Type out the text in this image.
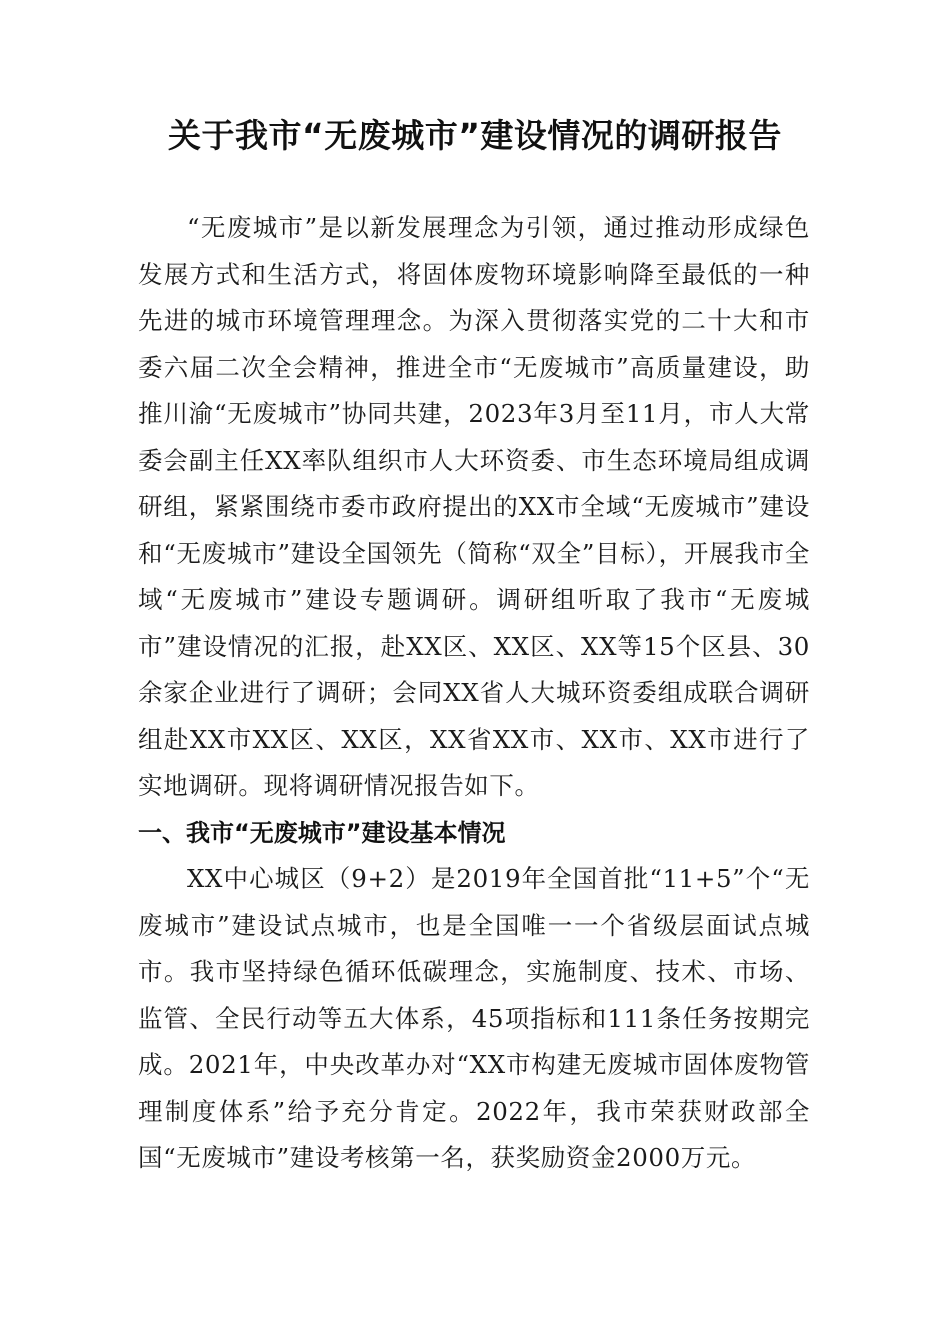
关于我市“无废城市”建设情况的调研报告

“无废城市”是以新发展理念为引领，通过推动形成绿色发展方式和生活方式，将固体废物环境影响降至最低的一种先进的城市环境管理理念。为深入贯彻落实党的二十大和市委六届二次全会精神，推进全市“无废城市”高质量建设，助推川渝“无废城市”协同共建，2023年3月至11月，市人大常委会副主任XX率队组织市人大环资委、市生态环境局组成调研组，紧紧围绕市委市政府提出的XX市全域“无废城市”建设和“无废城市”建设全国领先（简称“双全”目标），开展我市全域“无废城市”建设专题调研。调研组听取了我市“无废城市”建设情况的汇报，赴XX区、XX区、XX等15个区县、30余家企业进行了调研；会同XX省人大城环资委组成联合调研组赴XX市XX区、XX区，XX省XX市、XX市、XX市进行了实地调研。现将调研情况报告如下。

一、我市“无废城市”建设基本情况

XX中心城区（9+2）是2019年全国首批“11+5”个“无废城市”建设试点城市，也是全国唯一一个省级层面试点城市。我市坚持绿色循环低碳理念，实施制度、技术、市场、监管、全民行动等五大体系，45项指标和111条任务按期完成。2021年，中央改革办对“XX市构建无废城市固体废物管理制度体系”给予充分肯定。2022年，我市荣获财政部全国“无废城市”建设考核第一名，获奖励资金2000万元。
